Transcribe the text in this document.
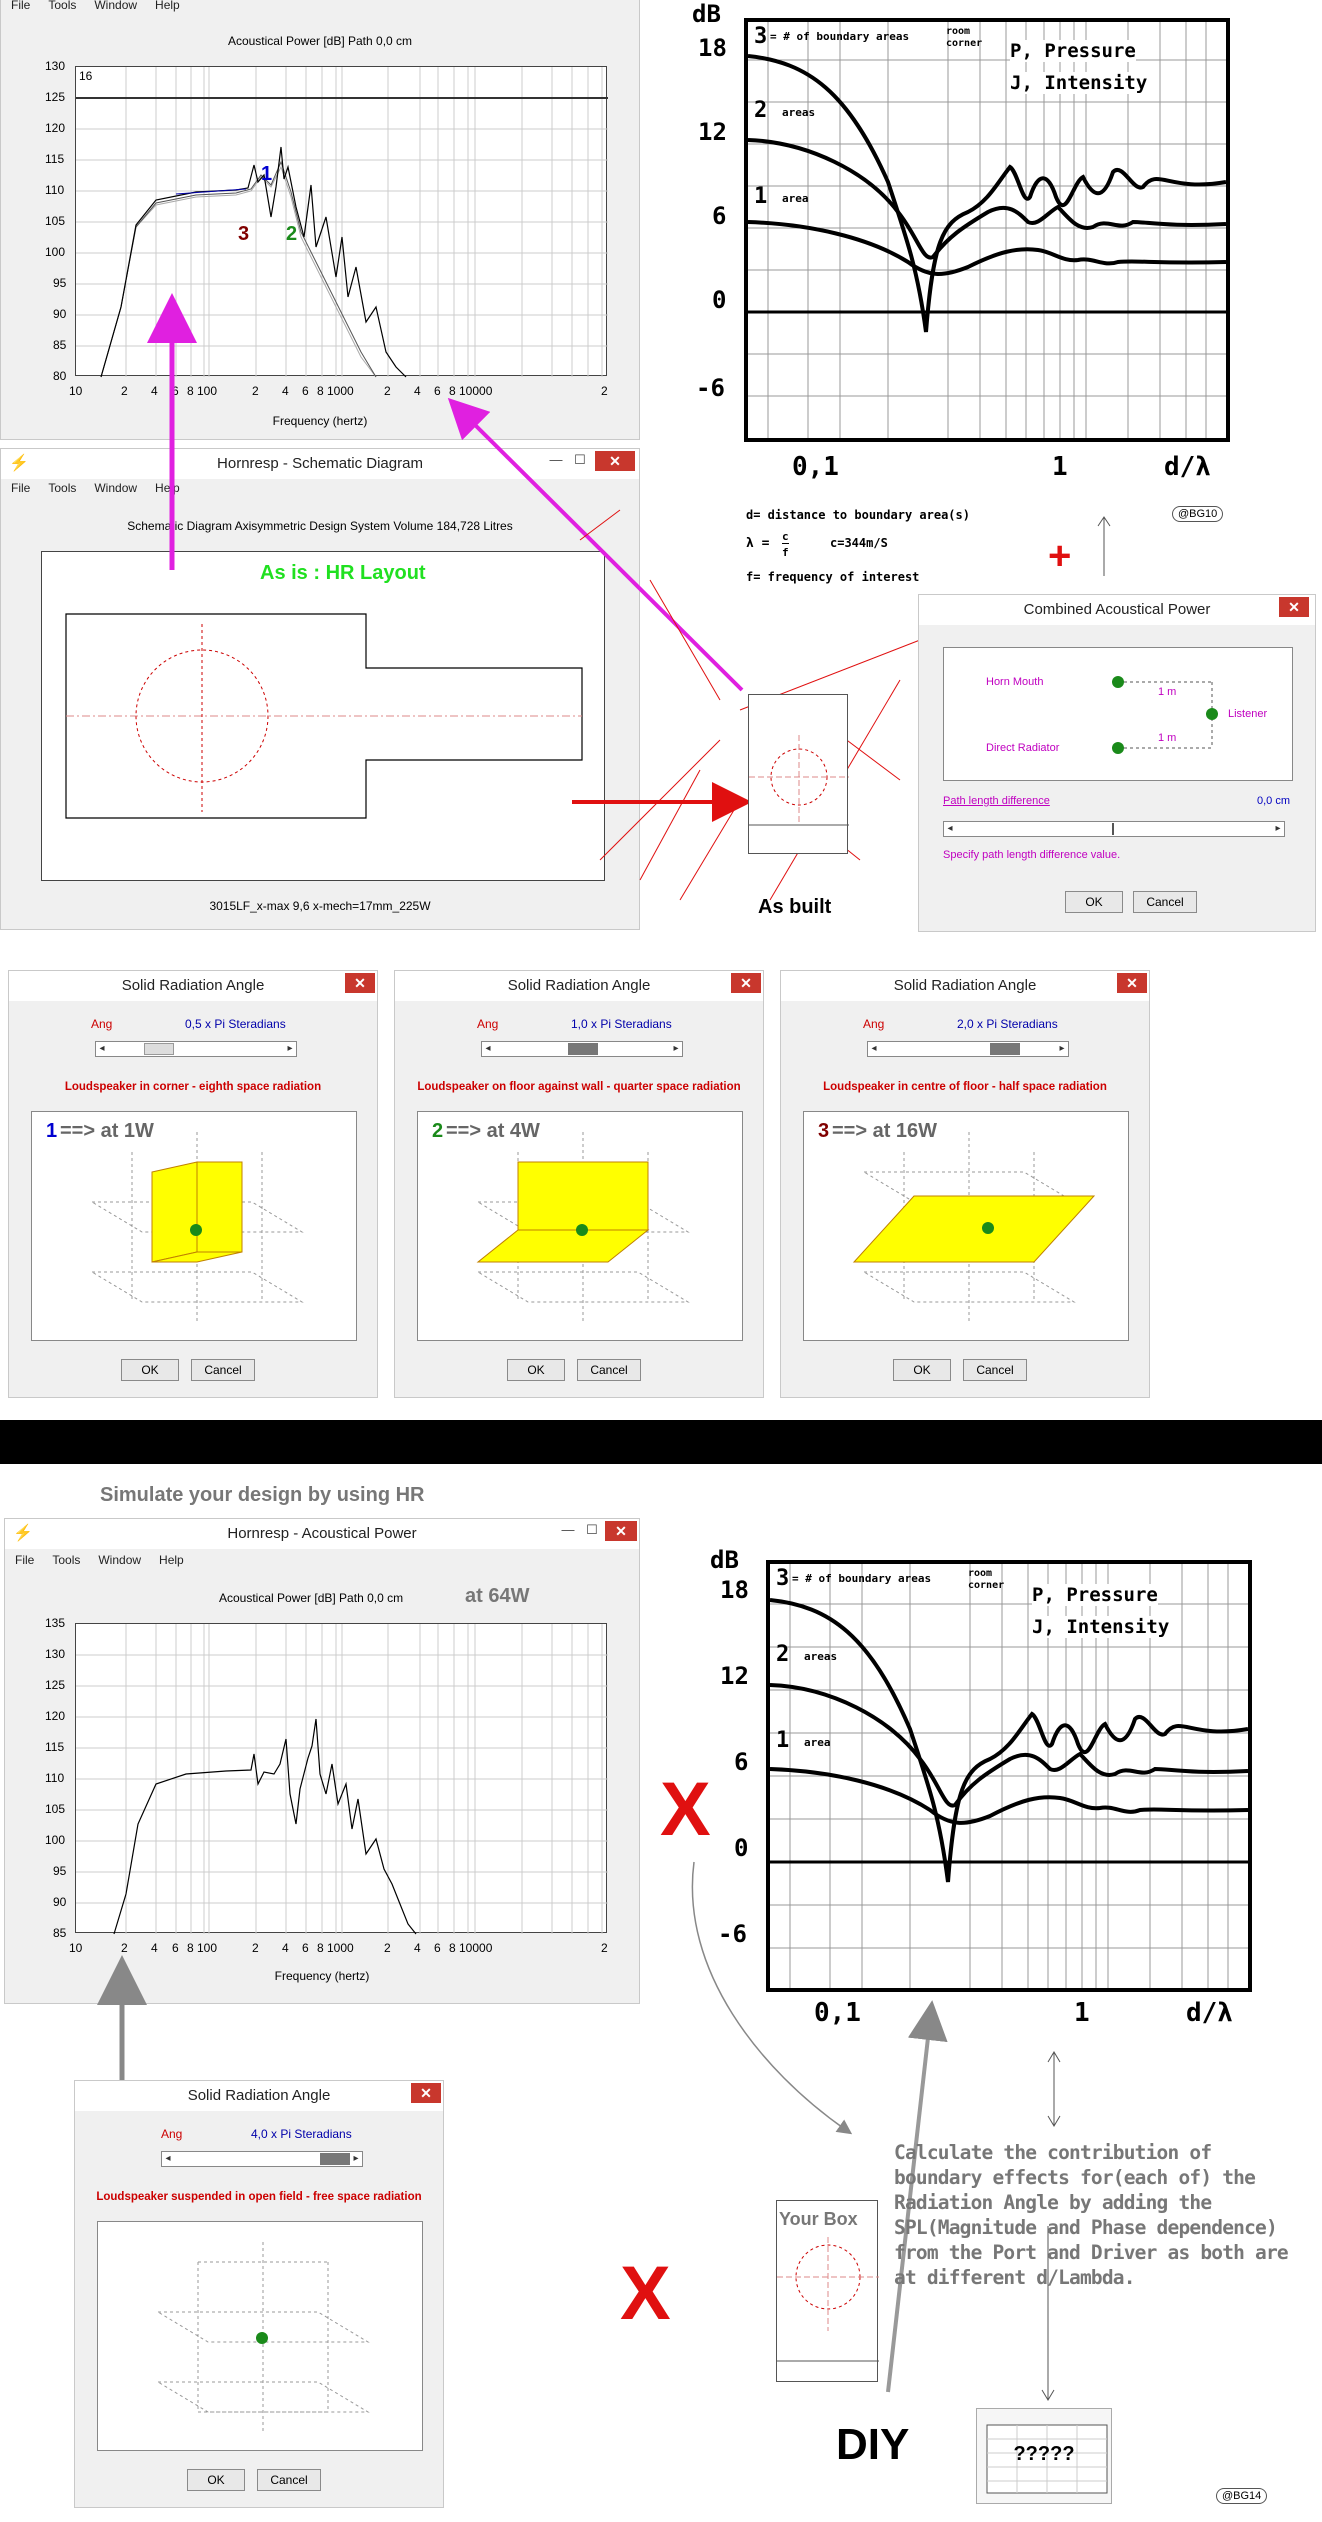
File Tools Window Help
Acoustical Power [dB] Path 0,0 cm
16
1
3 2
130
125
120
115
110
105
100
95
90
85
80
10	2 4 6 8 100	2 4 6 8 1000	2 4 6 8 10000	2
Frequency (hertz)
⚡	Hornresp - Schematic Diagram	— ☐	✕
File Tools Window Help
Schematic Diagram Axisymmetric Design System Volume 184,728 Litres
As is : HR Layout
3015LF_x-max 9,6 x-mech=17mm_225W	As built
dB
18
12
6
0
-6
3 = # of boundary areas	room
corner
2 areas
1 area
P, Pressure
J, Intensity
0,1	1	d/λ
d= distance to boundary area(s)
λ = c
f
c=344m/S
f= frequency of interest
@BG10
+
Combined Acoustical Power	✕
Horn Mouth
Direct Radiator
Listener
1 m
1 m
Path length difference	0,0 cm
◂	▸
Specify path length difference value.
OK	Cancel
Solid Radiation Angle	✕
Ang	0,5 x Pi Steradians
◂	▸
Loudspeaker in corner - eighth space radiation
1 ==> at 1W
OK	Cancel
Solid Radiation Angle	✕
Ang	1,0 x Pi Steradians
◂	▸
Loudspeaker on floor against wall - quarter space radiation
2 ==> at 4W
OK	Cancel
Solid Radiation Angle	✕
Ang	2,0 x Pi Steradians
◂	▸
Loudspeaker in centre of floor - half space radiation
3 ==> at 16W
OK	Cancel
Simulate your design by using HR
⚡	Hornresp - Acoustical Power	— ☐	✕
File Tools Window Help
Acoustical Power [dB] Path 0,0 cm	at 64W
135
130
125
120
115
110
105
100
95
90
85
10	2 4 6 8 100	2 4 6 8 1000	2 4 6 8 10000	2
Frequency (hertz)
Solid Radiation Angle	✕
Ang	4,0 x Pi Steradians
◂	▸
Loudspeaker suspended in open field - free space radiation
OK	Cancel
X
X
dB
18
12
6
0
-6
3 = # of boundary areas	room
corner
2 areas
1 area
P, Pressure
J, Intensity
0,1	1	d/λ
Your Box
Calculate the contribution of boundary effects for(each of) the Radiation Angle by adding the SPL(Magnitude and Phase dependence) from the Port and Driver as both are at different d/Lambda.
DIY	?????
@BG14
